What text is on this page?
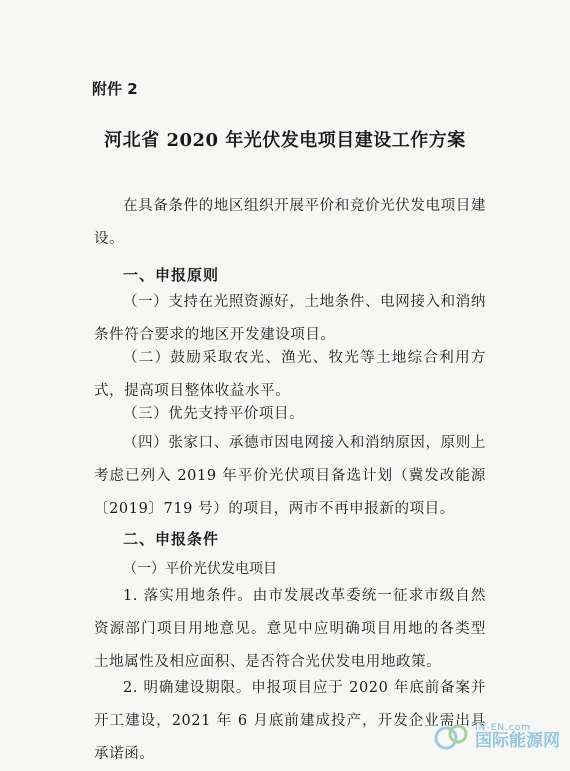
附件 2
河北省 2020 年光伏发电项目建设工作方案
在具备条件的地区组织开展平价和竞价光伏发电项目建设。
一、申报原则
（一）支持在光照资源好，土地条件、电网接入和消纳条件符合要求的地区开发建设项目。
（二）鼓励采取农光、渔光、牧光等土地综合利用方式，提高项目整体收益水平。
（三）优先支持平价项目。
（四）张家口、承德市因电网接入和消纳原因，原则上考虑已列入 2019 年平价光伏项目备选计划（冀发改能源〔2019〕719 号）的项目，两市不再申报新的项目。
二、申报条件
（一）平价光伏发电项目
1. 落实用地条件。由市发展改革委统一征求市级自然资源部门项目用地意见。意见中应明确项目用地的各类型土地属性及相应面积、是否符合光伏发电用地政策。
2. 明确建设期限。申报项目应于 2020 年底前备案并开工建设，2021 年 6 月底前建成投产，开发企业需出具承诺函。
IN-EN.com
国际能源网
